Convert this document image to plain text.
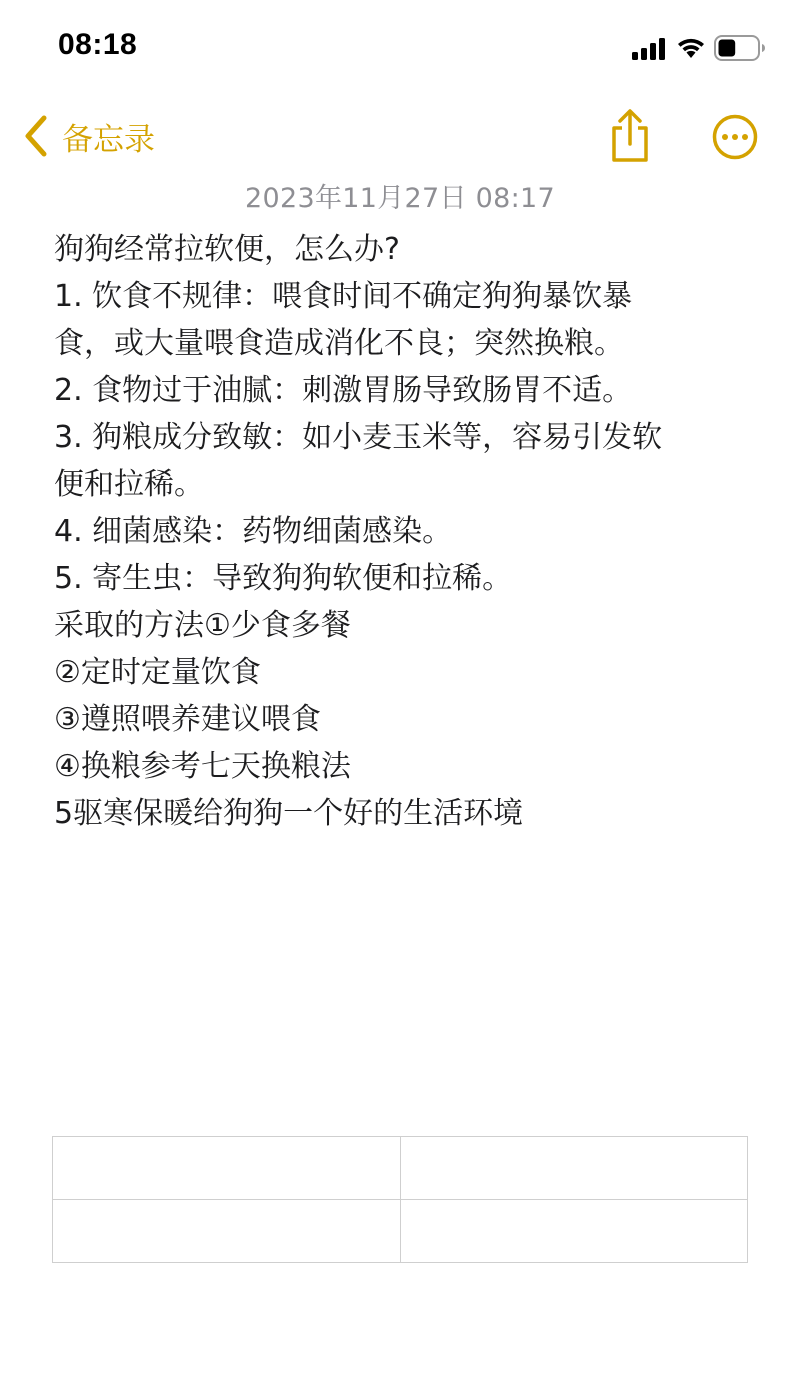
08:18
备忘录
2023年11月27日 08:17
狗狗经常拉软便，怎么办?
1. 饮食不规律：喂食时间不确定狗狗暴饮暴
食，或大量喂食造成消化不良；突然换粮。
2. 食物过于油腻：刺激胃肠导致肠胃不适。
3. 狗粮成分致敏：如小麦玉米等，容易引发软
便和拉稀。
4. 细菌感染：药物细菌感染。
5. 寄生虫：导致狗狗软便和拉稀。
采取的方法①少食多餐
②定时定量饮食
③遵照喂养建议喂食
④换粮参考七天换粮法
5驱寒保暖给狗狗一个好的生活环境
